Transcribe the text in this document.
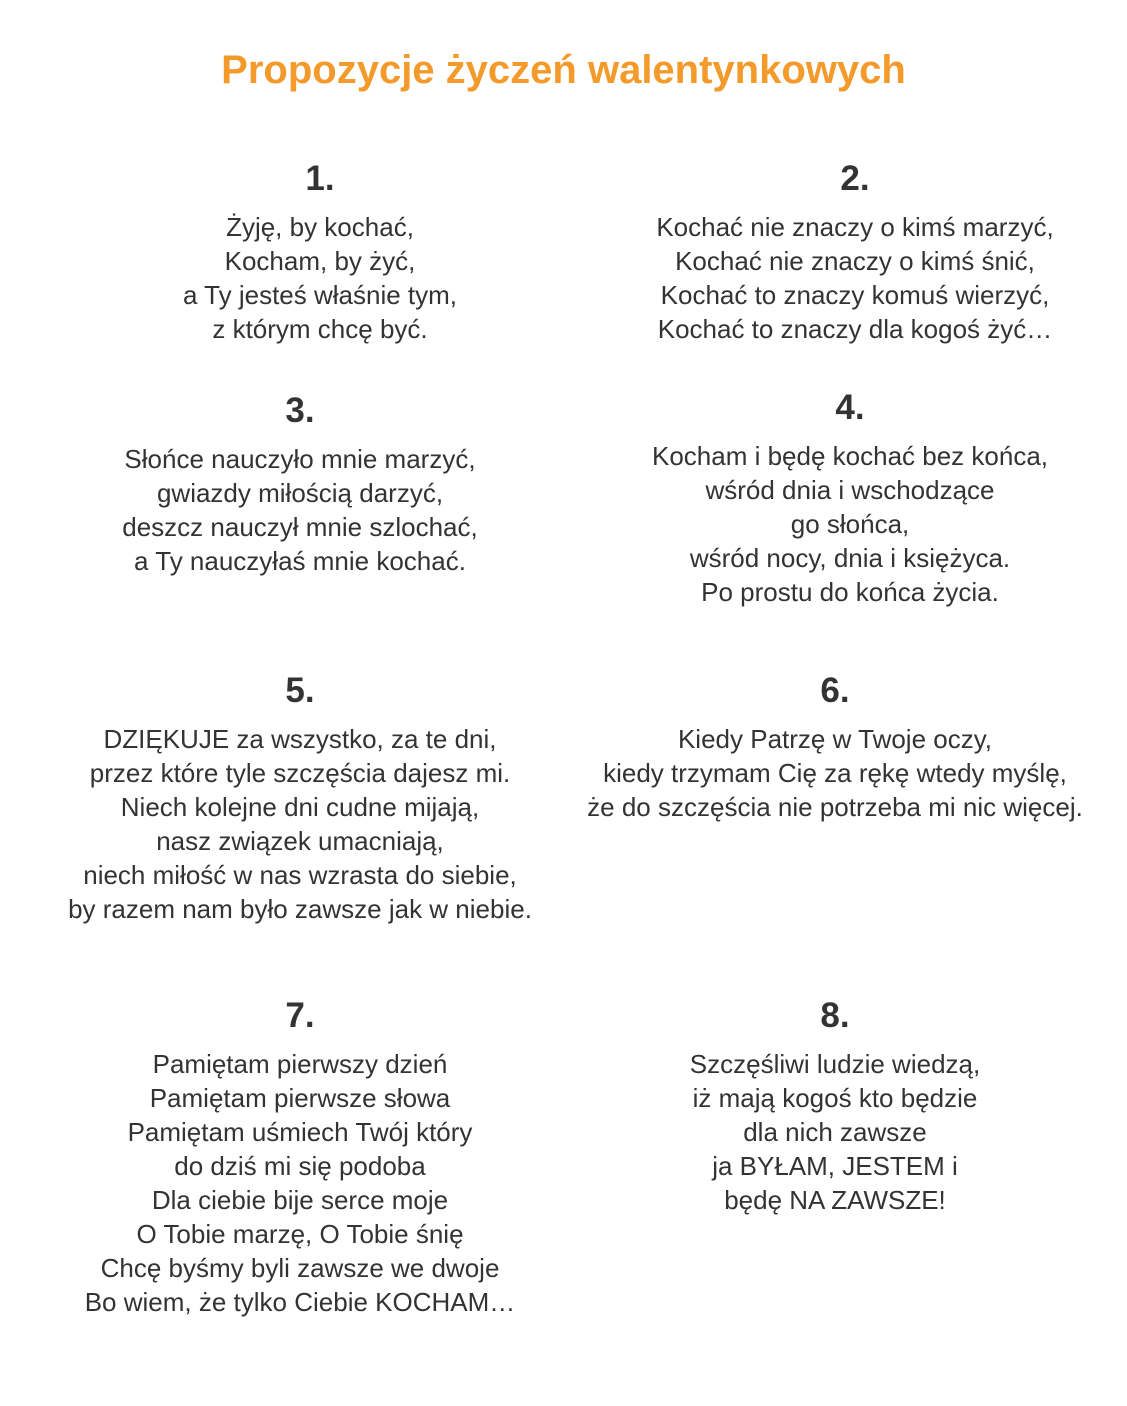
Propozycje życzeń walentynkowych
1.
Żyję, by kochać,
Kocham, by żyć,
a Ty jesteś właśnie tym,
z którym chcę być.
2.
Kochać nie znaczy o kimś marzyć,
Kochać nie znaczy o kimś śnić,
Kochać to znaczy komuś wierzyć,
Kochać to znaczy dla kogoś żyć…
3.
Słońce nauczyło mnie marzyć,
gwiazdy miłością darzyć,
deszcz nauczył mnie szlochać,
a Ty nauczyłaś mnie kochać.
4.
Kocham i będę kochać bez końca,
wśród dnia i wschodzące
go słońca,
wśród nocy, dnia i księżyca.
Po prostu do końca życia.
5.
DZIĘKUJE za wszystko, za te dni,
przez które tyle szczęścia dajesz mi.
Niech kolejne dni cudne mijają,
nasz związek umacniają,
niech miłość w nas wzrasta do siebie,
by razem nam było zawsze jak w niebie.
6.
Kiedy Patrzę w Twoje oczy,
kiedy trzymam Cię za rękę wtedy myślę,
że do szczęścia nie potrzeba mi nic więcej.
7.
Pamiętam pierwszy dzień
Pamiętam pierwsze słowa
Pamiętam uśmiech Twój który
do dziś mi się podoba
Dla ciebie bije serce moje
O Tobie marzę, O Tobie śnię
Chcę byśmy byli zawsze we dwoje
Bo wiem, że tylko Ciebie KOCHAM…
8.
Szczęśliwi ludzie wiedzą,
iż mają kogoś kto będzie
dla nich zawsze
ja BYŁAM, JESTEM i
będę NA ZAWSZE!
